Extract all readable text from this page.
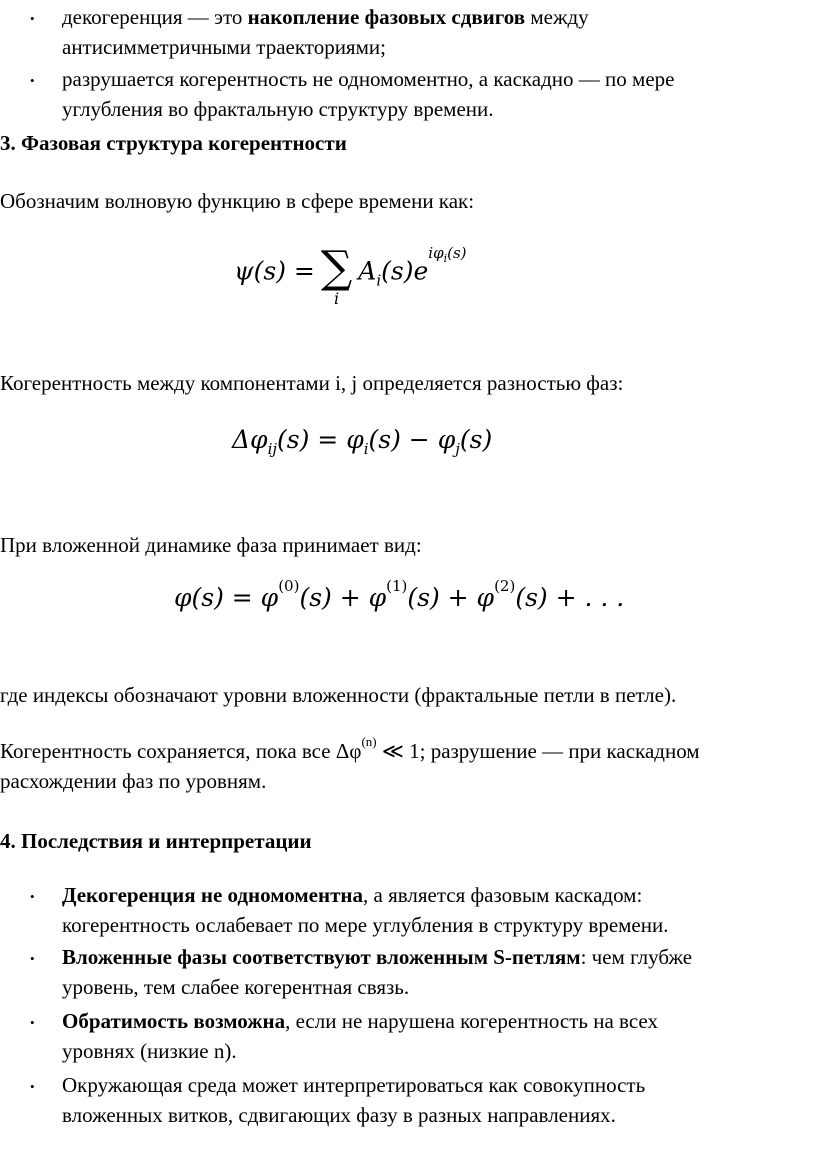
• декогеренция — это накопление фазовых сдвигов между
антисимметричными траекториями;
• разрушается когерентность не одномоментно, а каскадно — по мере
углубления во фрактальную структуру времени.
3. Фазовая структура когерентности
Обозначим волновую функцию в сфере времени как:
ψ(s) = ∑
i
$A_i(s)e^{i\varphi_i(s)}$
Когерентность между компонентами i, j определяется разностью фаз:
$\Delta\varphi_{ij}(s) = \varphi_i(s) - \varphi_j(s)$
При вложенной динамике фаза принимает вид:
$\varphi(s) = \varphi^{(0)}(s) + \varphi^{(1)}(s) + \varphi^{(2)}(s)$ + . . .
где индексы обозначают уровни вложенности (фрактальные петли в петле).
Когерентность сохраняется, пока все $\Delta\varphi^{(n)}$ ≪ 1; разрушение — при каскадном
расхождении фаз по уровням.
4. Последствия и интерпретации
• Декогеренция не одномоментна, а является фазовым каскадом:
когерентность ослабевает по мере углубления в структуру времени.
• Вложенные фазы соответствуют вложенным S-петлям: чем глубже
уровень, тем слабее когерентная связь.
• Обратимость возможна, если не нарушена когерентность на всех
уровнях (низкие n).
• Окружающая среда может интерпретироваться как совокупность
вложенных витков, сдвигающих фазу в разных направлениях.
